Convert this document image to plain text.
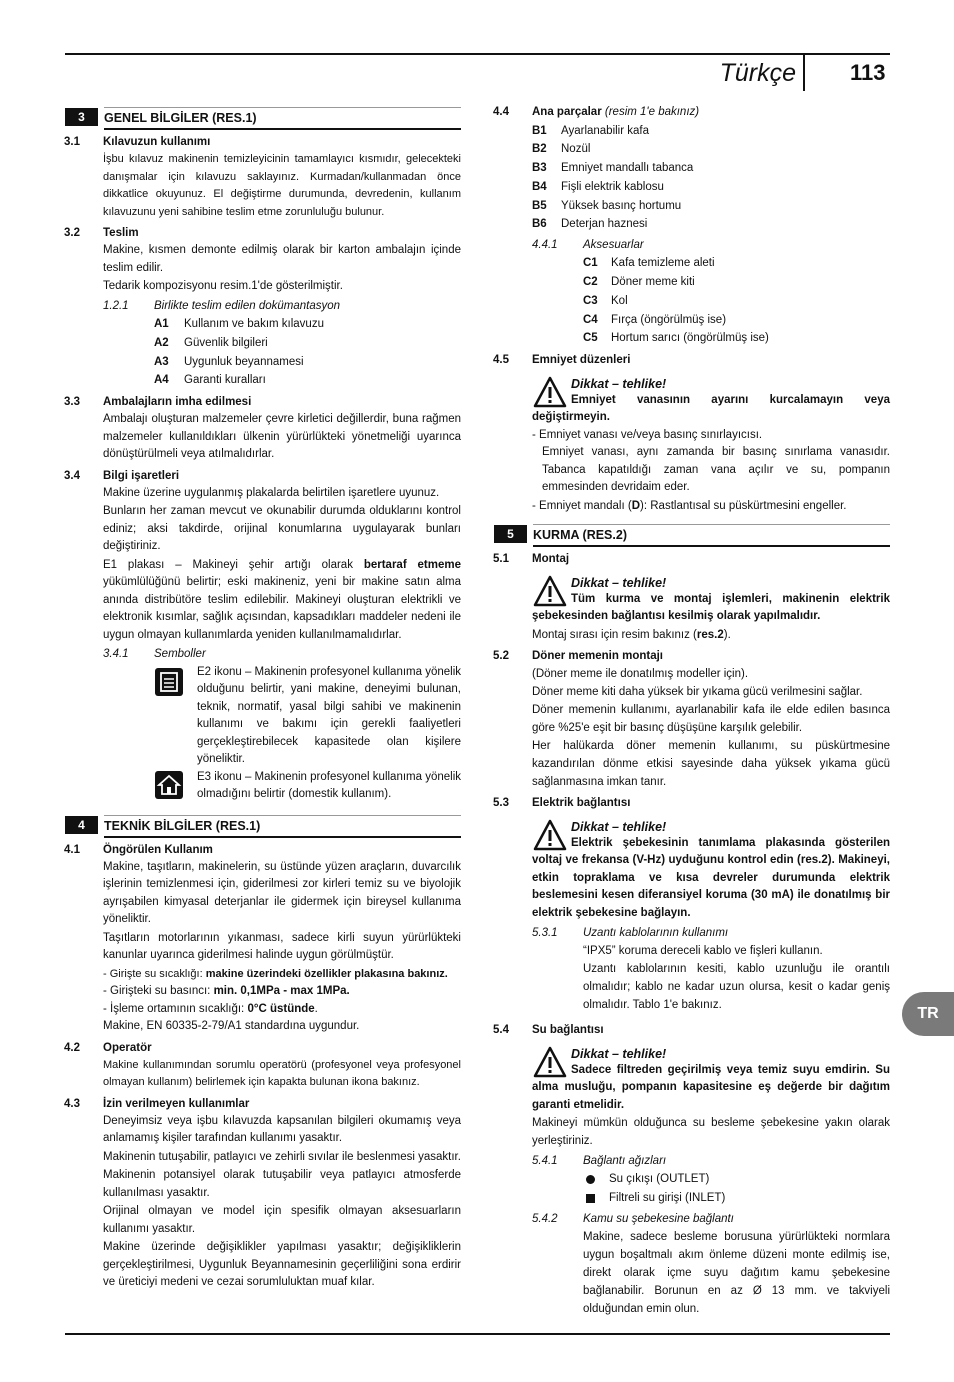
Türkçe 113
TR
3	GENEL BİLGİLER (RES.1)
3.1 Kılavuzun kullanımı
İşbu kılavuz makinenin temizleyicinin tamamlayıcı kısmıdır, gelecekteki danışmalar için kılavuzu saklayınız. Kurmadan/kullanmadan önce dikkatlice okuyunuz. El değiştirme durumunda, devredenin, kullanım kılavuzunu yeni sahibine teslim etme zorunluluğu bulunur.
3.2 Teslim
Makine, kısmen demonte edilmiş olarak bir karton ambalajın içinde teslim edilir.
Tedarik kompozisyonu resim.1'de gösterilmiştir.
1.2.1 Birlikte teslim edilen dokümantasyon
A1 Kullanım ve bakım kılavuzu
A2 Güvenlik bilgileri
A3 Uygunluk beyannamesi
A4 Garanti kuralları
3.3 Ambalajların imha edilmesi
Ambalajı oluşturan malzemeler çevre kirletici değillerdir, buna rağmen malzemeler kullanıldıkları ülkenin yürürlükteki yönetmeliği uyarınca dönüştürülmeli veya atılmalıdırlar.
3.4 Bilgi işaretleri
Makine üzerine uygulanmış plakalarda belirtilen işaretlere uyunuz.
Bunların her zaman mevcut ve okunabilir durumda olduklarını kontrol ediniz; aksi takdirde, orijinal konumlarına uygulayarak bunları değiştiriniz.
E1 plakası – Makineyi şehir artığı olarak bertaraf etmeme yükümlülüğünü belirtir; eski makineniz, yeni bir makine satın alma anında distribütöre teslim edilebilir. Makineyi oluşturan elektrikli ve elektronik kısımlar, sağlık açısından, kapsadıkları maddeler nedeni ile uygun olmayan kullanımlarda yeniden kullanılmamalıdırlar.
3.4.1 Semboller
E2 ikonu – Makinenin profesyonel kullanıma yönelik olduğunu belirtir, yani makine, deneyimi bulunan, teknik, normatif, yasal bilgi sahibi ve makinenin kullanımı ve bakımı için gerekli faaliyetleri gerçekleştirebilecek kapasitede olan kişilere yöneliktir.
E3 ikonu – Makinenin profesyonel kullanıma yönelik olmadığını belirtir (domestik kullanım).
4	TEKNİK BİLGİLER (RES.1)
4.1 Öngörülen Kullanım
Makine, taşıtların, makinelerin, su üstünde yüzen araçların, duvarcılık işlerinin temizlenmesi için, giderilmesi zor kirleri temiz su ve biyolojik ayrışabilen kimyasal deterjanlar ile gidermek için bireysel kullanıma yöneliktir.
Taşıtların motorlarının yıkanması, sadece kirli suyun yürürlükteki kanunlar uyarınca giderilmesi halinde uygun görülmüştür.
- Girişte su sıcaklığı: makine üzerindeki özellikler plakasına bakınız.
- Girişteki su basıncı: min. 0,1MPa - max 1MPa.
- İşleme ortamının sıcaklığı: 0°C üstünde.
Makine, EN 60335-2-79/A1 standardına uygundur.
4.2 Operatör
Makine kullanımından sorumlu operatörü (profesyonel veya profesyonel olmayan kullanım) belirlemek için kapakta bulunan ikona bakınız.
4.3 İzin verilmeyen kullanımlar
Deneyimsiz veya işbu kılavuzda kapsanılan bilgileri okumamış veya anlamamış kişiler tarafından kullanımı yasaktır.
Makinenin tutuşabilir, patlayıcı ve zehirli sıvılar ile beslenmesi yasaktır.
Makinenin potansiyel olarak tutuşabilir veya patlayıcı atmosferde kullanılması yasaktır.
Orijinal olmayan ve model için spesifik olmayan aksesuarların kullanımı yasaktır.
Makine üzerinde değişiklikler yapılması yasaktır; değişikliklerin gerçekleştirilmesi, Uygunluk Beyannamesinin geçerliliğini sona erdirir ve üreticiyi medeni ve cezai sorumluluktan muaf kılar.
4.4 Ana parçalar (resim 1'e bakınız)
B1 Ayarlanabilir kafa
B2 Nozül
B3 Emniyet mandallı tabanca
B4 Fişli elektrik kablosu
B5 Yüksek basınç hortumu
B6 Deterjan haznesi
4.4.1 Aksesuarlar
C1 Kafa temizleme aleti
C2 Döner meme kiti
C3 Kol
C4 Fırça (öngörülmüş ise)
C5 Hortum sarıcı (öngörülmüş ise)
4.5 Emniyet düzenleri
Dikkat – tehlike!
Emniyet vanasının ayarını kurcalamayın veya değiştirmeyin.
- Emniyet vanası ve/veya basınç sınırlayıcısı.
Emniyet vanası, aynı zamanda bir basınç sınırlama vanasıdır. Tabanca kapatıldığı zaman vana açılır ve su, pompanın emmesinden devridaim eder.
- Emniyet mandalı (D): Rastlantısal su püskürtmesini engeller.
5	KURMA (RES.2)
5.1 Montaj
Dikkat – tehlike!
Tüm kurma ve montaj işlemleri, makinenin elektrik şebekesinden bağlantısı kesilmiş olarak yapılmalıdır.
Montaj sırası için resim bakınız (res.2).
5.2 Döner memenin montajı
(Döner meme ile donatılmış modeller için).
Döner meme kiti daha yüksek bir yıkama gücü verilmesini sağlar.
Döner memenin kullanımı, ayarlanabilir kafa ile elde edilen basınca göre %25'e eşit bir basınç düşüşüne karşılık gelebilir.
Her halükarda döner memenin kullanımı, su püskürtmesine kazandırılan dönme etkisi sayesinde daha yüksek yıkama gücü sağlanmasına imkan tanır.
5.3 Elektrik bağlantısı
Dikkat – tehlike!
Elektrik şebekesinin tanımlama plakasında gösterilen voltaj ve frekansa (V-Hz) uyduğunu kontrol edin (res.2). Makineyi, etkin topraklama ve kısa devreler durumunda elektrik beslemesini kesen diferansiyel koruma (30 mA) ile donatılmış bir elektrik şebekesine bağlayın.
5.3.1 Uzantı kablolarının kullanımı
“IPX5” koruma dereceli kablo ve fişleri kullanın.
Uzantı kablolarının kesiti, kablo uzunluğu ile orantılı olmalıdır; kablo ne kadar uzun olursa, kesit o kadar geniş olmalıdır. Tablo 1'e bakınız.
5.4 Su bağlantısı
Dikkat – tehlike!
Sadece filtreden geçirilmiş veya temiz suyu emdirin. Su alma musluğu, pompanın kapasitesine eş değerde bir dağıtım garanti etmelidir.
Makineyi mümkün olduğunca su besleme şebekesine yakın olarak yerleştiriniz.
5.4.1 Bağlantı ağızları
Su çıkışı (OUTLET)
Filtreli su girişi (INLET)
5.4.2 Kamu su şebekesine bağlantı
Makine, sadece besleme borusuna yürürlükteki normlara uygun boşaltmalı akım önleme düzeni monte edilmiş ise, direkt olarak içme suyu dağıtım kamu şebekesine bağlanabilir. Borunun en az Ø 13 mm. ve takviyeli olduğundan emin olun.
